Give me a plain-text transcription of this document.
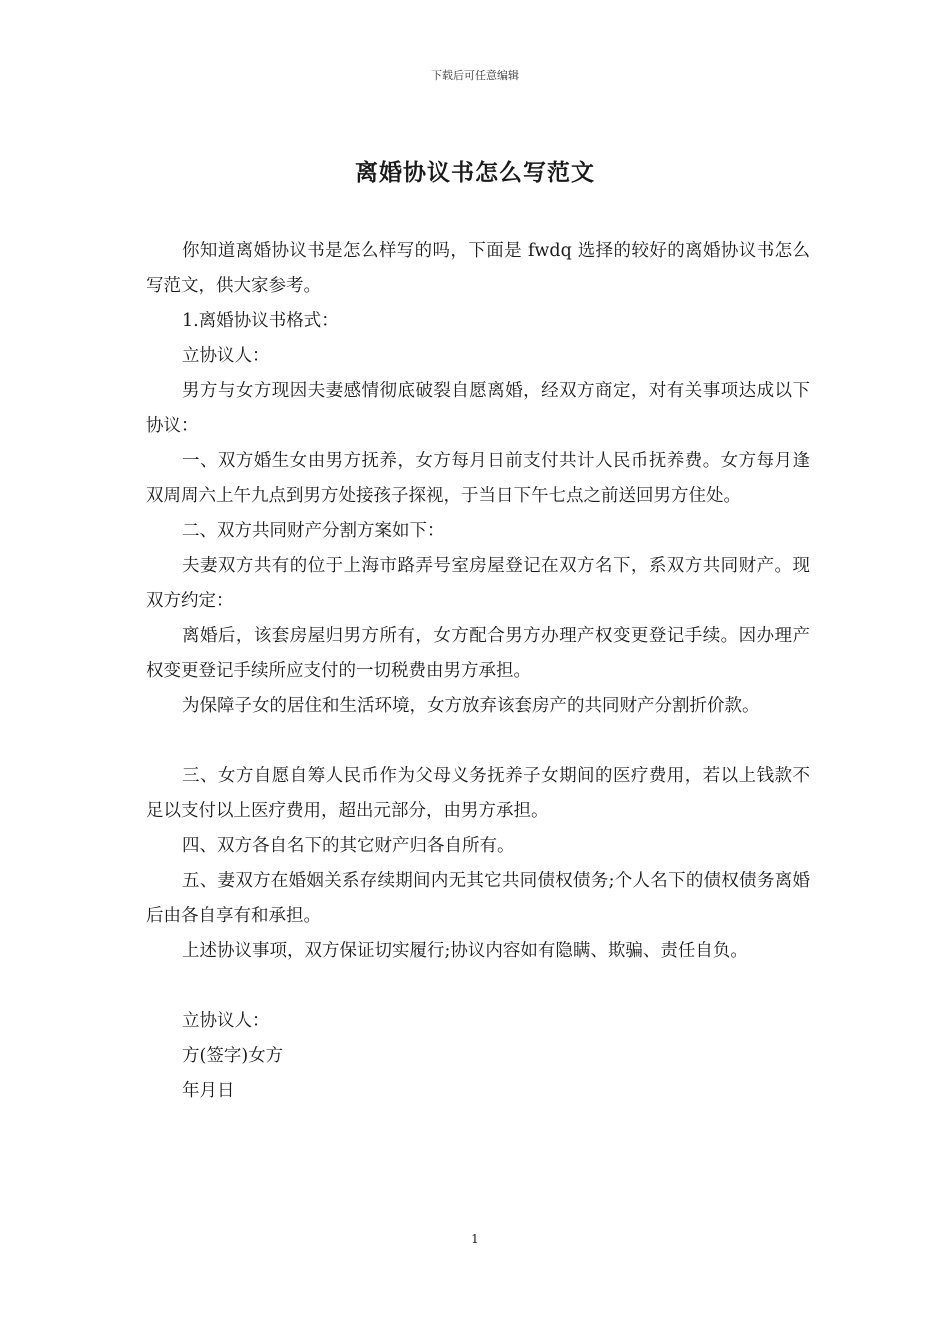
下载后可任意编辑
离婚协议书怎么写范文

你知道离婚协议书是怎么样写的吗，下面是 fwdq 选择的较好的离婚协议书怎么写范文，供大家参考。

1.离婚协议书格式：

立协议人：

男方与女方现因夫妻感情彻底破裂自愿离婚，经双方商定，对有关事项达成以下协议：

一、双方婚生女由男方抚养，女方每月日前支付共计人民币抚养费。女方每月逢双周周六上午九点到男方处接孩子探视，于当日下午七点之前送回男方住处。

二、双方共同财产分割方案如下：

夫妻双方共有的位于上海市路弄号室房屋登记在双方名下，系双方共同财产。现双方约定：

离婚后，该套房屋归男方所有，女方配合男方办理产权变更登记手续。因办理产权变更登记手续所应支付的一切税费由男方承担。

为保障子女的居住和生活环境，女方放弃该套房产的共同财产分割折价款。

三、女方自愿自筹人民币作为父母义务抚养子女期间的医疗费用，若以上钱款不足以支付以上医疗费用，超出元部分，由男方承担。

四、双方各自名下的其它财产归各自所有。

五、妻双方在婚姻关系存续期间内无其它共同债权债务;个人名下的债权债务离婚后由各自享有和承担。

上述协议事项，双方保证切实履行;协议内容如有隐瞒、欺骗、责任自负。

立协议人：

方(签字)女方

年月日

1
